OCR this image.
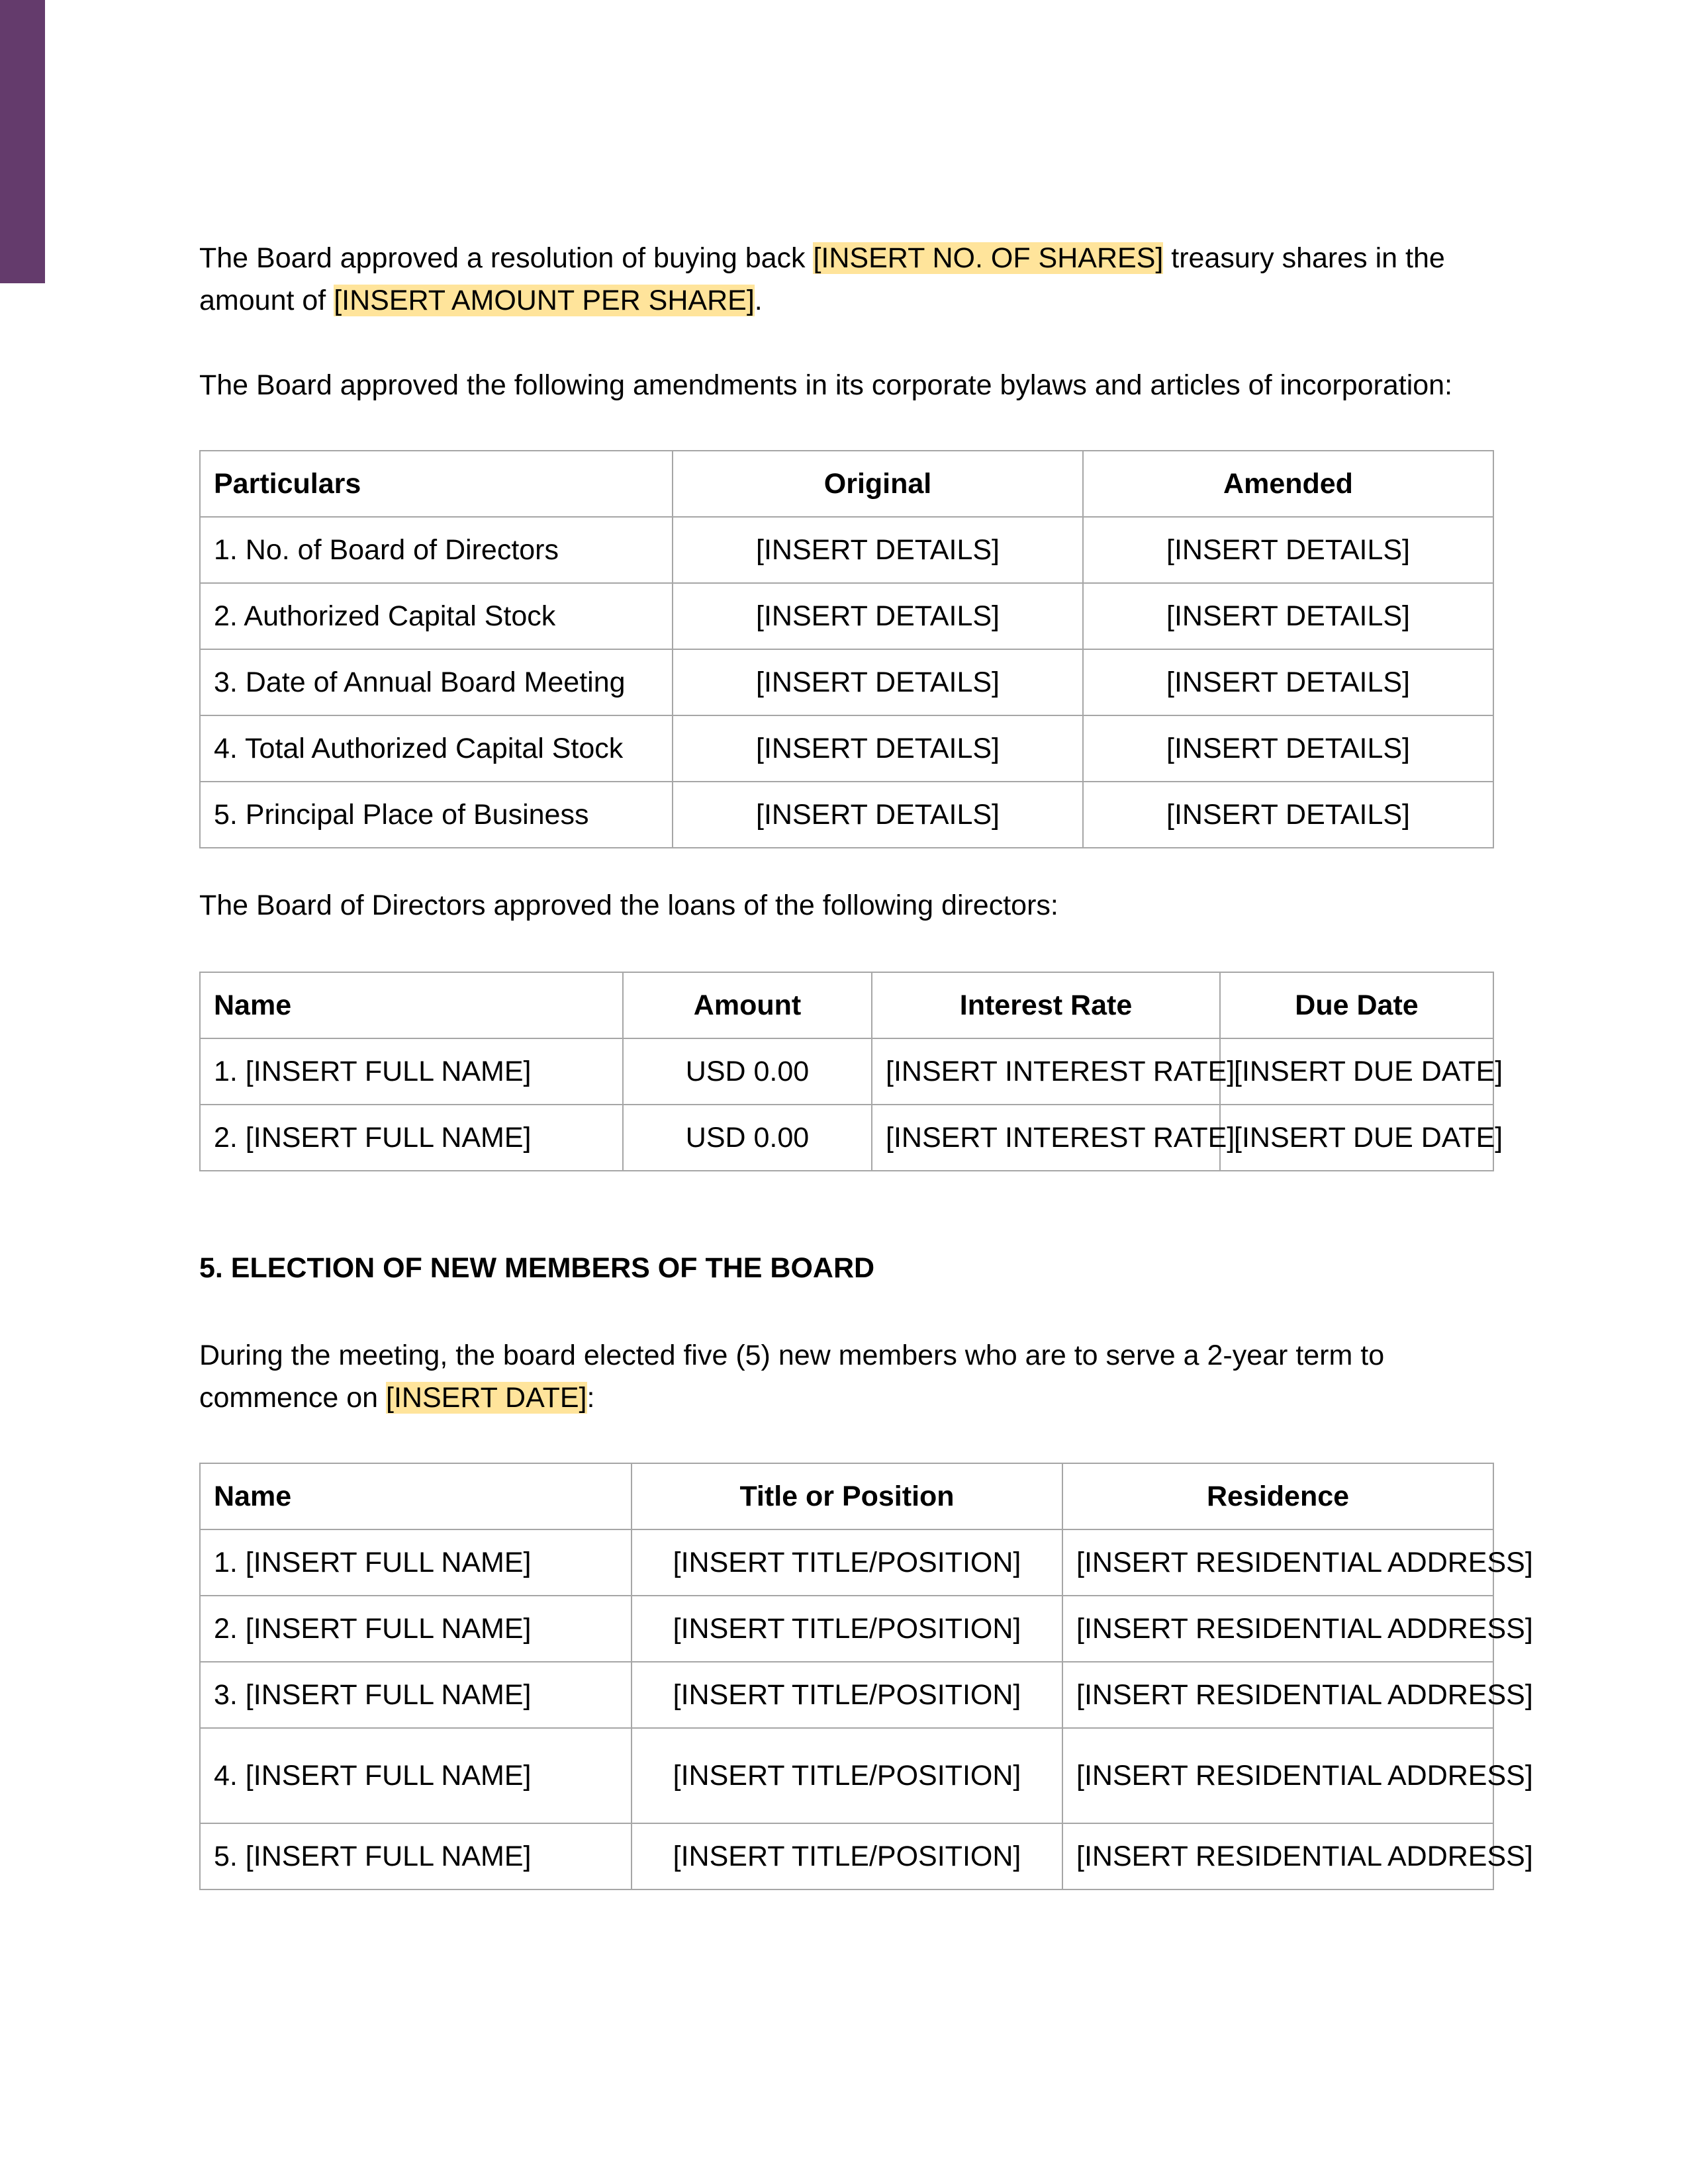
The Board approved a resolution of buying back [INSERT NO. OF SHARES] treasury shares in the amount of [INSERT AMOUNT PER SHARE].

The Board approved the following amendments in its corporate bylaws and articles of incorporation:

Particulars	Original	Amended
1. No. of Board of Directors	[INSERT DETAILS]	[INSERT DETAILS]
2. Authorized Capital Stock	[INSERT DETAILS]	[INSERT DETAILS]
3. Date of Annual Board Meeting	[INSERT DETAILS]	[INSERT DETAILS]
4. Total Authorized Capital Stock	[INSERT DETAILS]	[INSERT DETAILS]
5. Principal Place of Business	[INSERT DETAILS]	[INSERT DETAILS]

The Board of Directors approved the loans of the following directors:

Name	Amount	Interest Rate	Due Date
1. [INSERT FULL NAME]	USD 0.00	[INSERT INTEREST RATE]	[INSERT DUE DATE]
2. [INSERT FULL NAME]	USD 0.00	[INSERT INTEREST RATE]	[INSERT DUE DATE]

5. ELECTION OF NEW MEMBERS OF THE BOARD

During the meeting, the board elected five (5) new members who are to serve a 2-year term to commence on [INSERT DATE]:

Name	Title or Position	Residence
1. [INSERT FULL NAME]	[INSERT TITLE/POSITION]	[INSERT RESIDENTIAL ADDRESS]
2. [INSERT FULL NAME]	[INSERT TITLE/POSITION]	[INSERT RESIDENTIAL ADDRESS]
3. [INSERT FULL NAME]	[INSERT TITLE/POSITION]	[INSERT RESIDENTIAL ADDRESS]
4. [INSERT FULL NAME]	[INSERT TITLE/POSITION]	[INSERT RESIDENTIAL ADDRESS]
5. [INSERT FULL NAME]	[INSERT TITLE/POSITION]	[INSERT RESIDENTIAL ADDRESS]
